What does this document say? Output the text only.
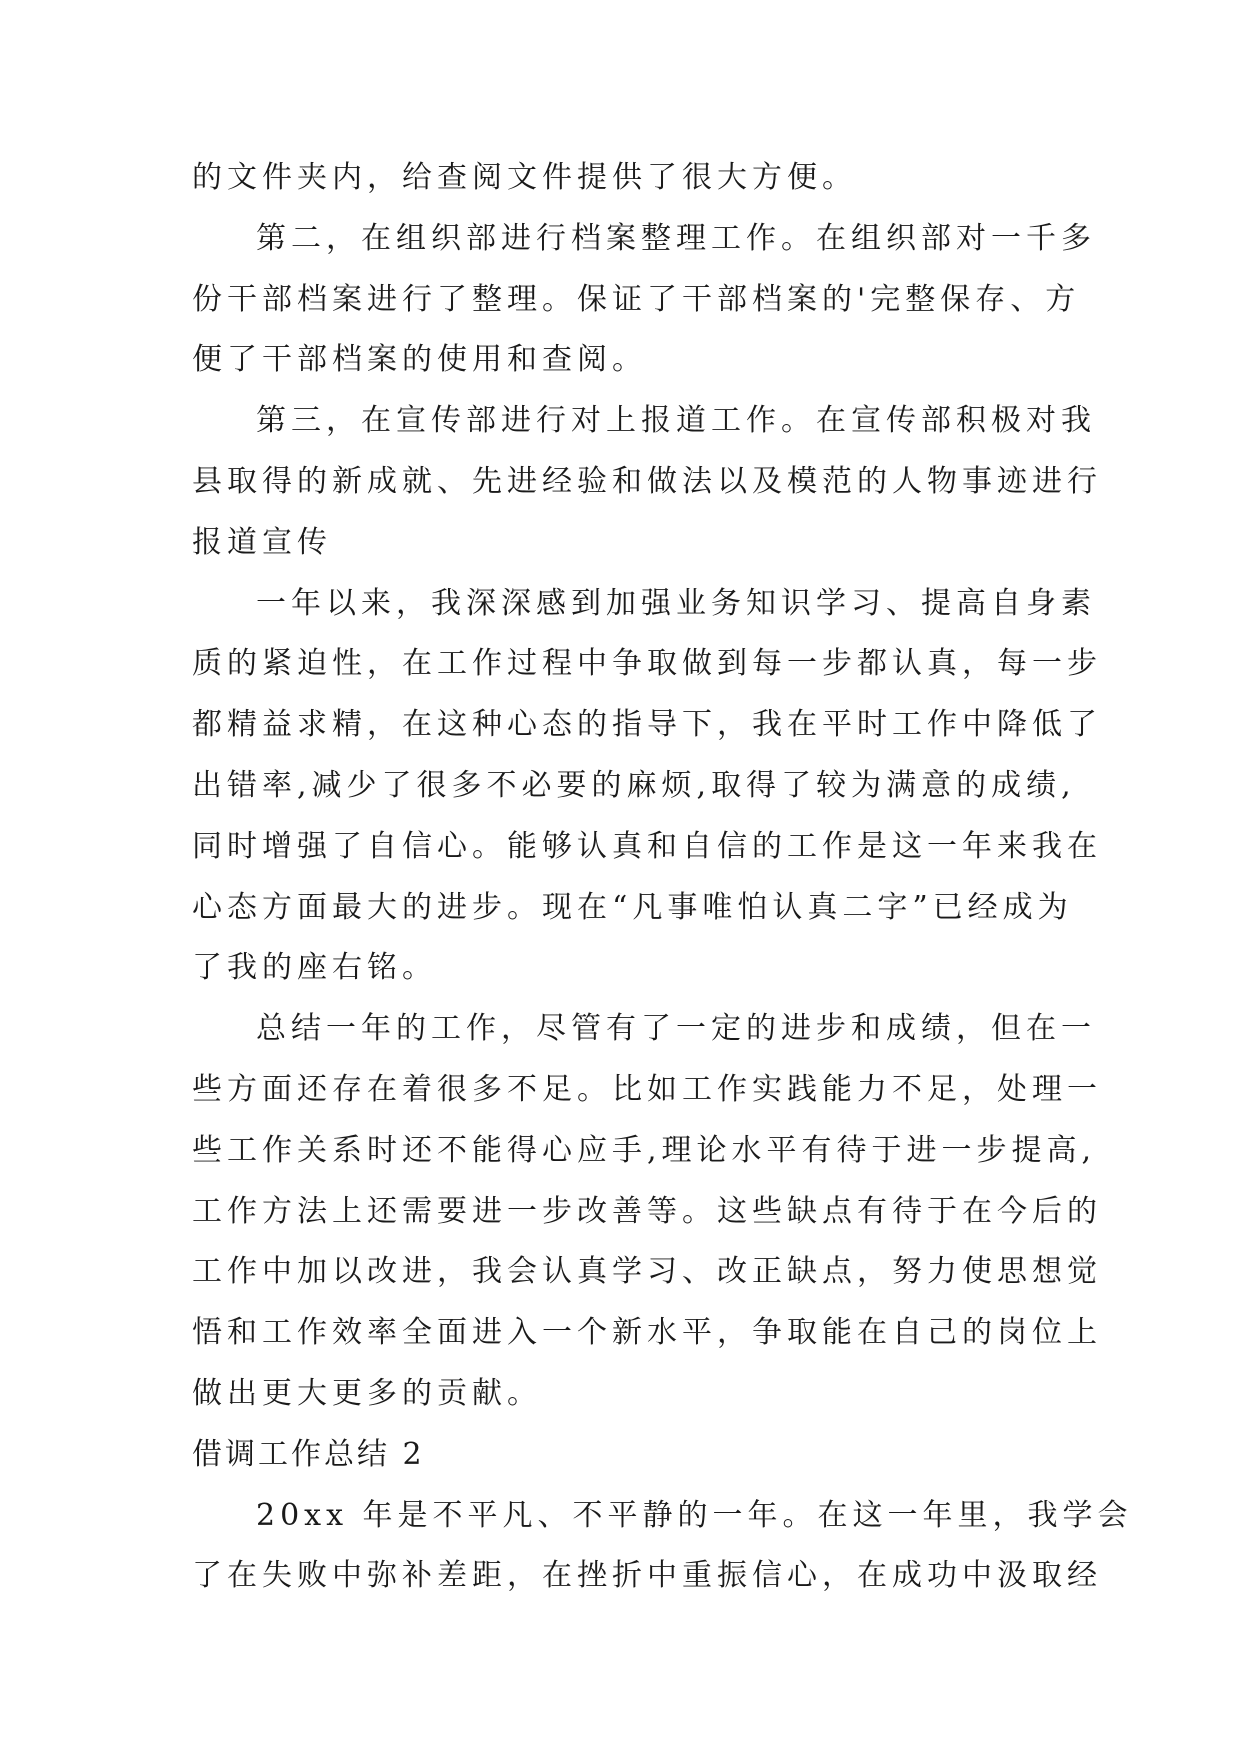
的文件夹内，给查阅文件提供了很大方便。
第二，在组织部进行档案整理工作。在组织部对一千多
份干部档案进行了整理。保证了干部档案的'完整保存、方
便了干部档案的使用和查阅。
第三，在宣传部进行对上报道工作。在宣传部积极对我
县取得的新成就、先进经验和做法以及模范的人物事迹进行
报道宣传
一年以来，我深深感到加强业务知识学习、提高自身素
质的紧迫性，在工作过程中争取做到每一步都认真，每一步
都精益求精，在这种心态的指导下，我在平时工作中降低了
出错率,减少了很多不必要的麻烦,取得了较为满意的成绩,
同时增强了自信心。能够认真和自信的工作是这一年来我在
心态方面最大的进步。现在“凡事唯怕认真二字”已经成为
了我的座右铭。
总结一年的工作，尽管有了一定的进步和成绩，但在一
些方面还存在着很多不足。比如工作实践能力不足，处理一
些工作关系时还不能得心应手,理论水平有待于进一步提高,
工作方法上还需要进一步改善等。这些缺点有待于在今后的
工作中加以改进，我会认真学习、改正缺点，努力使思想觉
悟和工作效率全面进入一个新水平，争取能在自己的岗位上
做出更大更多的贡献。
借调工作总结 2
20xx 年是不平凡、不平静的一年。在这一年里，我学会
了在失败中弥补差距，在挫折中重振信心，在成功中汲取经
